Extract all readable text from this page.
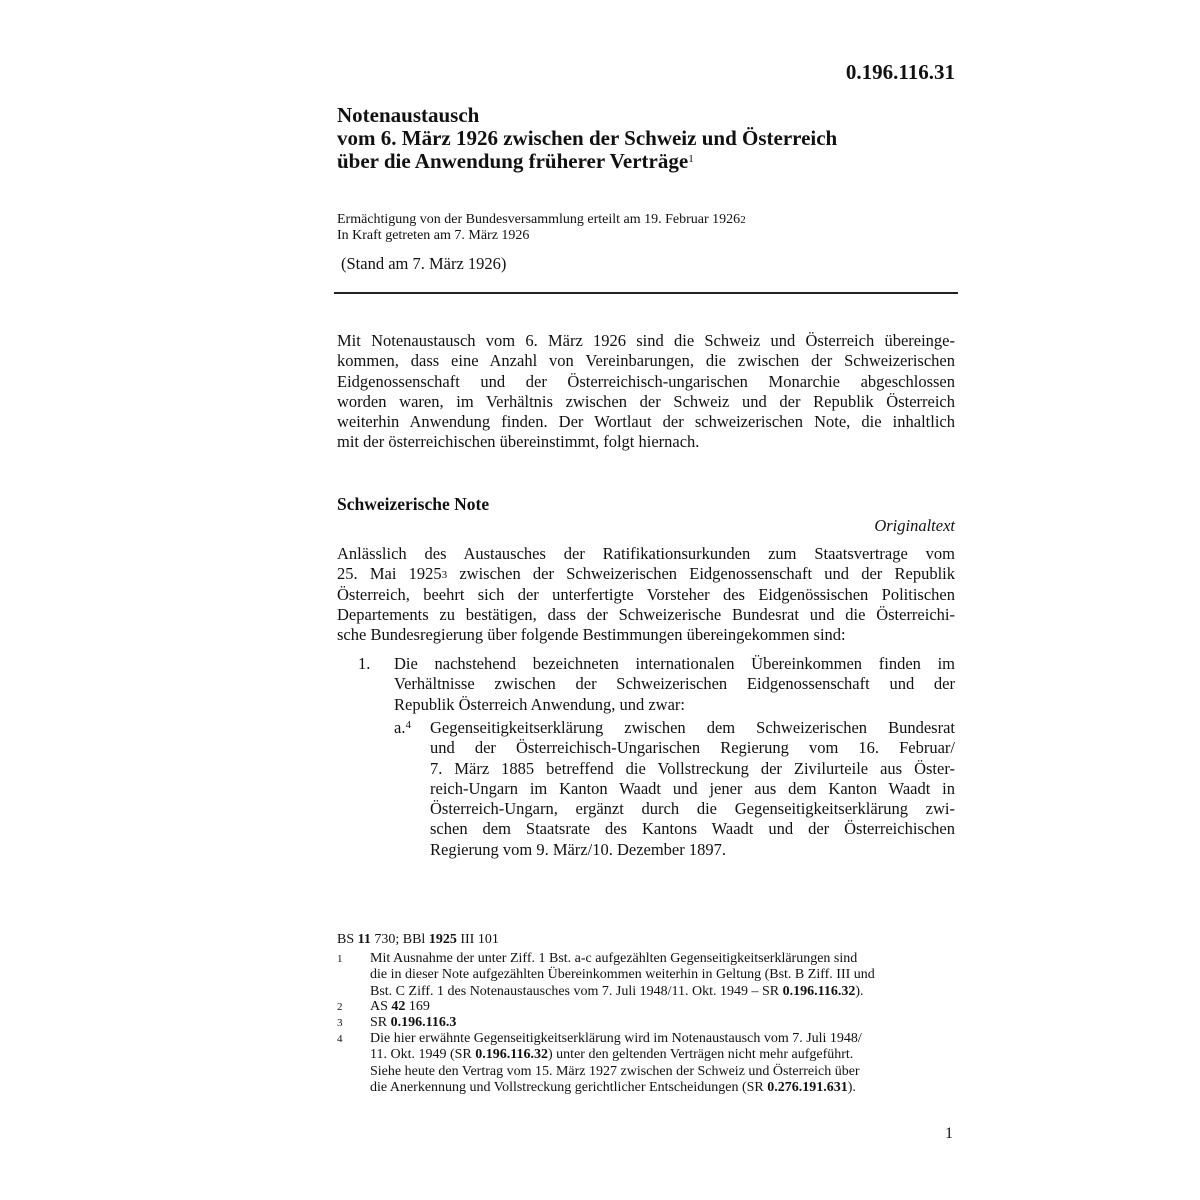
0.196.116.31
Notenaustausch
vom 6. März 1926 zwischen der Schweiz und Österreich
über die Anwendung früherer Verträge$^1$
Ermächtigung von der Bundesversammlung erteilt am 19. Februar 1926$^2$
In Kraft getreten am 7. März 1926
(Stand am 7. März 1926)
Mit Notenaustausch vom 6. März 1926 sind die Schweiz und Österreich übereinge-
kommen, dass eine Anzahl von Vereinbarungen, die zwischen der Schweizerischen
Eidgenossenschaft und der Österreichisch-ungarischen Monarchie abgeschlossen
worden waren, im Verhältnis zwischen der Schweiz und der Republik Österreich
weiterhin Anwendung finden. Der Wortlaut der schweizerischen Note, die inhaltlich
mit der österreichischen übereinstimmt, folgt hiernach.
Schweizerische Note
Originaltext
Anlässlich des Austausches der Ratifikationsurkunden zum Staatsvertrage vom
25. Mai 1925$^3$ zwischen der Schweizerischen Eidgenossenschaft und der Republik
Österreich, beehrt sich der unterfertigte Vorsteher des Eidgenössischen Politischen
Departements zu bestätigen, dass der Schweizerische Bundesrat und die Österreichi-
sche Bundesregierung über folgende Bestimmungen übereingekommen sind:
1. Die nachstehend bezeichneten internationalen Übereinkommen finden im
Verhältnisse zwischen der Schweizerischen Eidgenossenschaft und der
Republik Österreich Anwendung, und zwar:
a.$^4$ Gegenseitigkeitserklärung zwischen dem Schweizerischen Bundesrat
und der Österreichisch-Ungarischen Regierung vom 16. Februar/
7. März 1885 betreffend die Vollstreckung der Zivilurteile aus Öster-
reich-Ungarn im Kanton Waadt und jener aus dem Kanton Waadt in
Österreich-Ungarn, ergänzt durch die Gegenseitigkeitserklärung zwi-
schen dem Staatsrate des Kantons Waadt und der Österreichischen
Regierung vom 9. März/10. Dezember 1897.
BS 11 730; BBl 1925 III 101
1 Mit Ausnahme der unter Ziff. 1 Bst. a-c aufgezählten Gegenseitigkeitserklärungen sind
die in dieser Note aufgezählten Übereinkommen weiterhin in Geltung (Bst. B Ziff. III und
Bst. C Ziff. 1 des Notenaustausches vom 7. Juli 1948/11. Okt. 1949 – SR 0.196.116.32).
2 AS 42 169
3 SR 0.196.116.3
4 Die hier erwähnte Gegenseitigkeitserklärung wird im Notenaustausch vom 7. Juli 1948/
11. Okt. 1949 (SR 0.196.116.32) unter den geltenden Verträgen nicht mehr aufgeführt.
Siehe heute den Vertrag vom 15. März 1927 zwischen der Schweiz und Österreich über
die Anerkennung und Vollstreckung gerichtlicher Entscheidungen (SR 0.276.191.631).
1
